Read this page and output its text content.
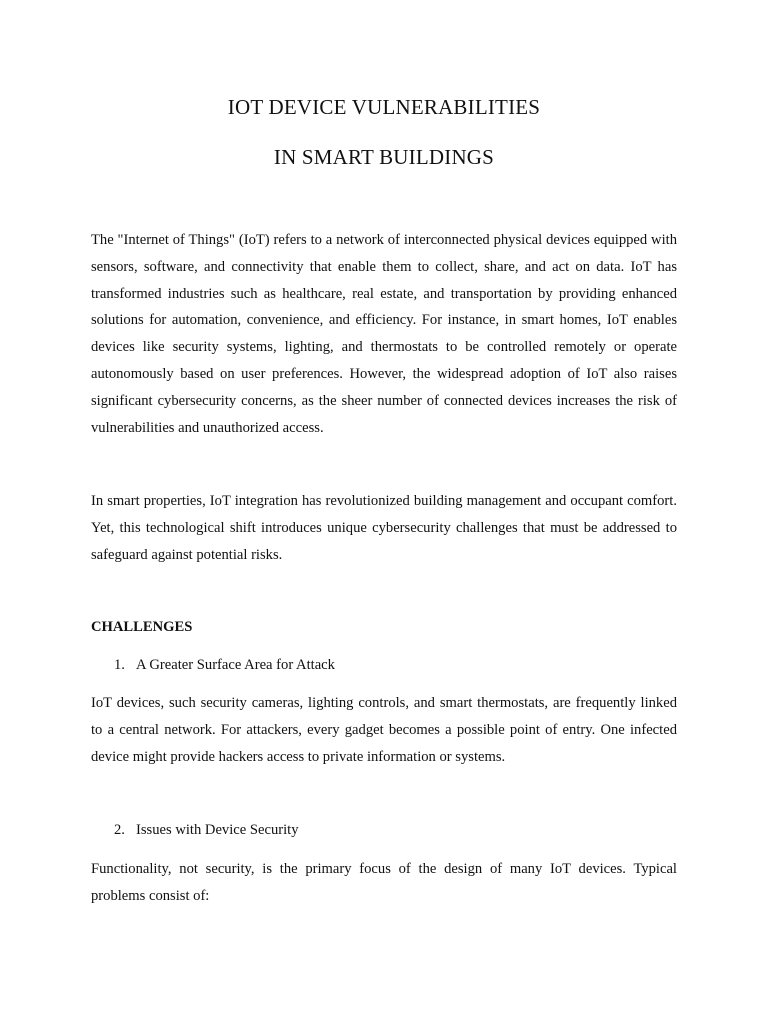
IOT DEVICE VULNERABILITIES
IN SMART BUILDINGS

The "Internet of Things" (IoT) refers to a network of interconnected physical devices equipped with sensors, software, and connectivity that enable them to collect, share, and act on data. IoT has transformed industries such as healthcare, real estate, and transportation by providing enhanced solutions for automation, convenience, and efficiency. For instance, in smart homes, IoT enables devices like security systems, lighting, and thermostats to be controlled remotely or operate autonomously based on user preferences. However, the widespread adoption of IoT also raises significant cybersecurity concerns, as the sheer number of connected devices increases the risk of vulnerabilities and unauthorized access.

In smart properties, IoT integration has revolutionized building management and occupant comfort. Yet, this technological shift introduces unique cybersecurity challenges that must be addressed to safeguard against potential risks.

CHALLENGES

1. A Greater Surface Area for Attack

IoT devices, such security cameras, lighting controls, and smart thermostats, are frequently linked to a central network. For attackers, every gadget becomes a possible point of entry. One infected device might provide hackers access to private information or systems.

2. Issues with Device Security

Functionality, not security, is the primary focus of the design of many IoT devices. Typical problems consist of:
